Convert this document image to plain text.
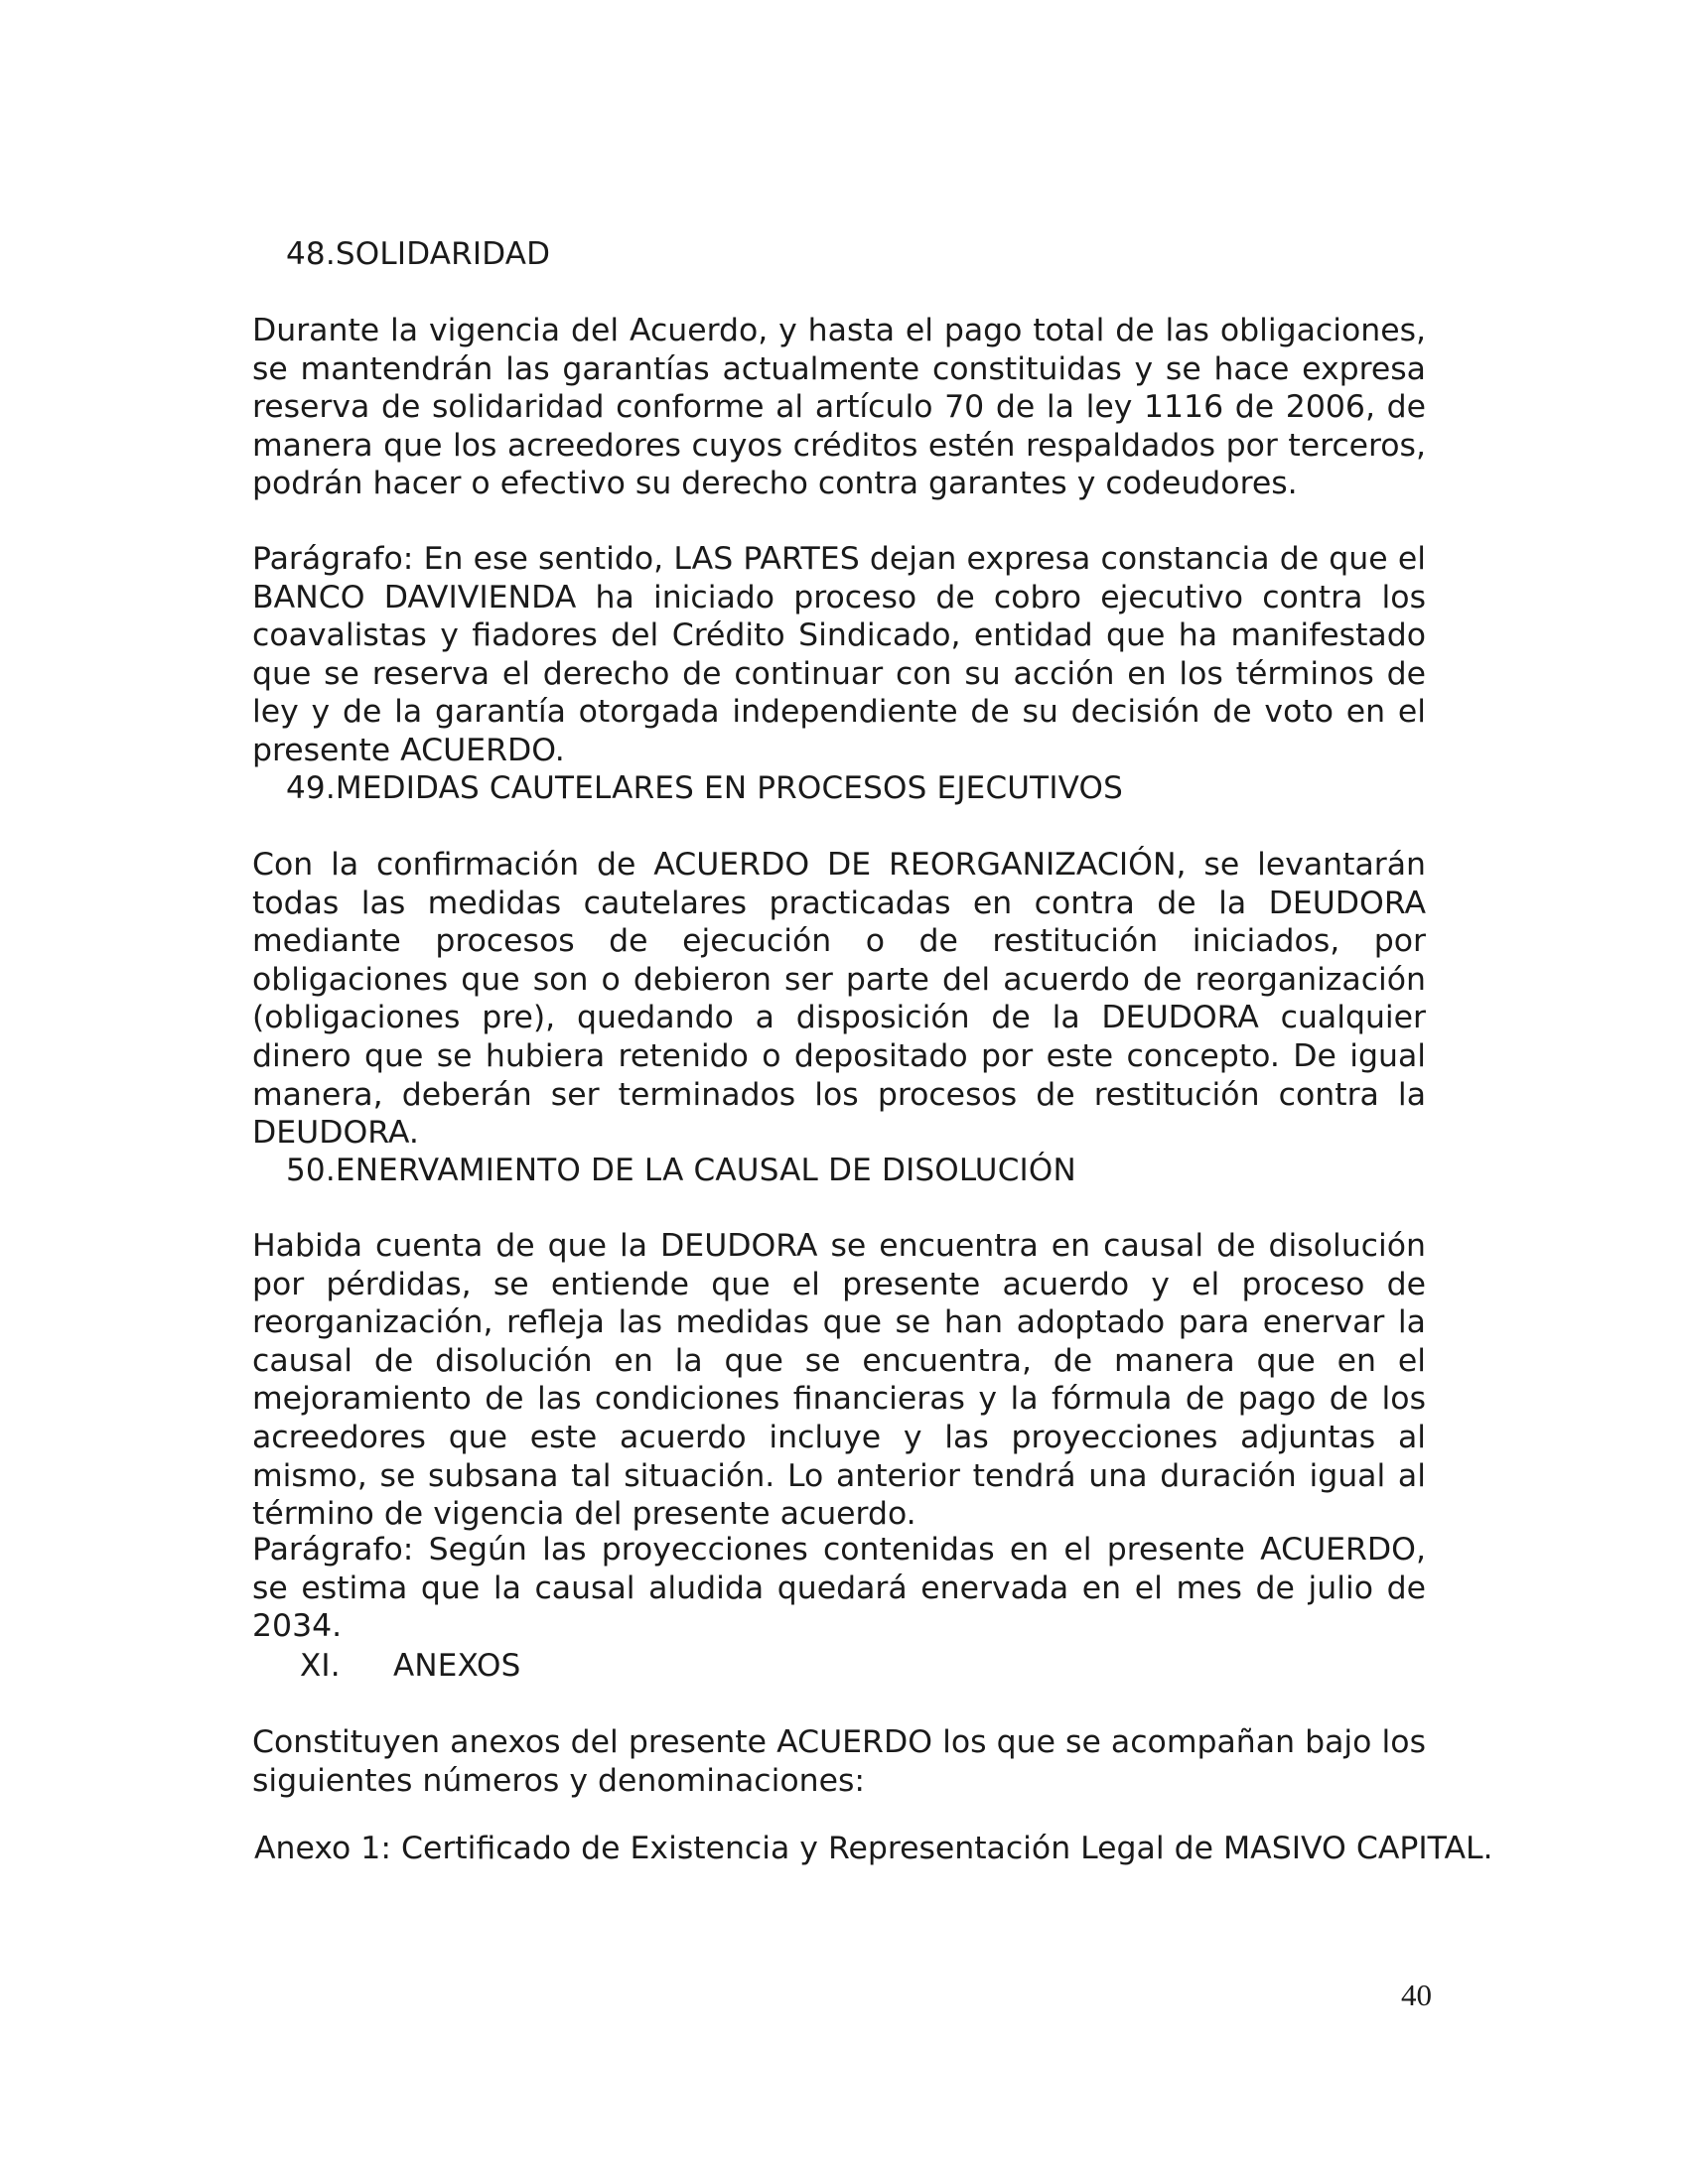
48.SOLIDARIDAD

Durante la vigencia del Acuerdo, y hasta el pago total de las obligaciones, se mantendrán las garantías actualmente constituidas y se hace expresa reserva de solidaridad conforme al artículo 70 de la ley 1116 de 2006, de manera que los acreedores cuyos créditos estén respaldados por terceros, podrán hacer o efectivo su derecho contra garantes y codeudores.

Parágrafo: En ese sentido, LAS PARTES dejan expresa constancia de que el BANCO DAVIVIENDA ha iniciado proceso de cobro ejecutivo contra los coavalistas y fiadores del Crédito Sindicado, entidad que ha manifestado que se reserva el derecho de continuar con su acción en los términos de ley y de la garantía otorgada independiente de su decisión de voto en el presente ACUERDO.

49.MEDIDAS CAUTELARES EN PROCESOS EJECUTIVOS

Con la confirmación de ACUERDO DE REORGANIZACIÓN, se levantarán todas las medidas cautelares practicadas en contra de la DEUDORA mediante procesos de ejecución o de restitución iniciados, por obligaciones que son o debieron ser parte del acuerdo de reorganización (obligaciones pre), quedando a disposición de la DEUDORA cualquier dinero que se hubiera retenido o depositado por este concepto. De igual manera, deberán ser terminados los procesos de restitución contra la DEUDORA.

50.ENERVAMIENTO DE LA CAUSAL DE DISOLUCIÓN

Habida cuenta de que la DEUDORA se encuentra en causal de disolución por pérdidas, se entiende que el presente acuerdo y el proceso de reorganización, refleja las medidas que se han adoptado para enervar la causal de disolución en la que se encuentra, de manera que en el mejoramiento de las condiciones financieras y la fórmula de pago de los acreedores que este acuerdo incluye y las proyecciones adjuntas al mismo, se subsana tal situación. Lo anterior tendrá una duración igual al término de vigencia del presente acuerdo.

Parágrafo: Según las proyecciones contenidas en el presente ACUERDO, se estima que la causal aludida quedará enervada en el mes de julio de 2034.

XI. ANEXOS

Constituyen anexos del presente ACUERDO los que se acompañan bajo los siguientes números y denominaciones:

Anexo 1: Certificado de Existencia y Representación Legal de MASIVO CAPITAL.

40
